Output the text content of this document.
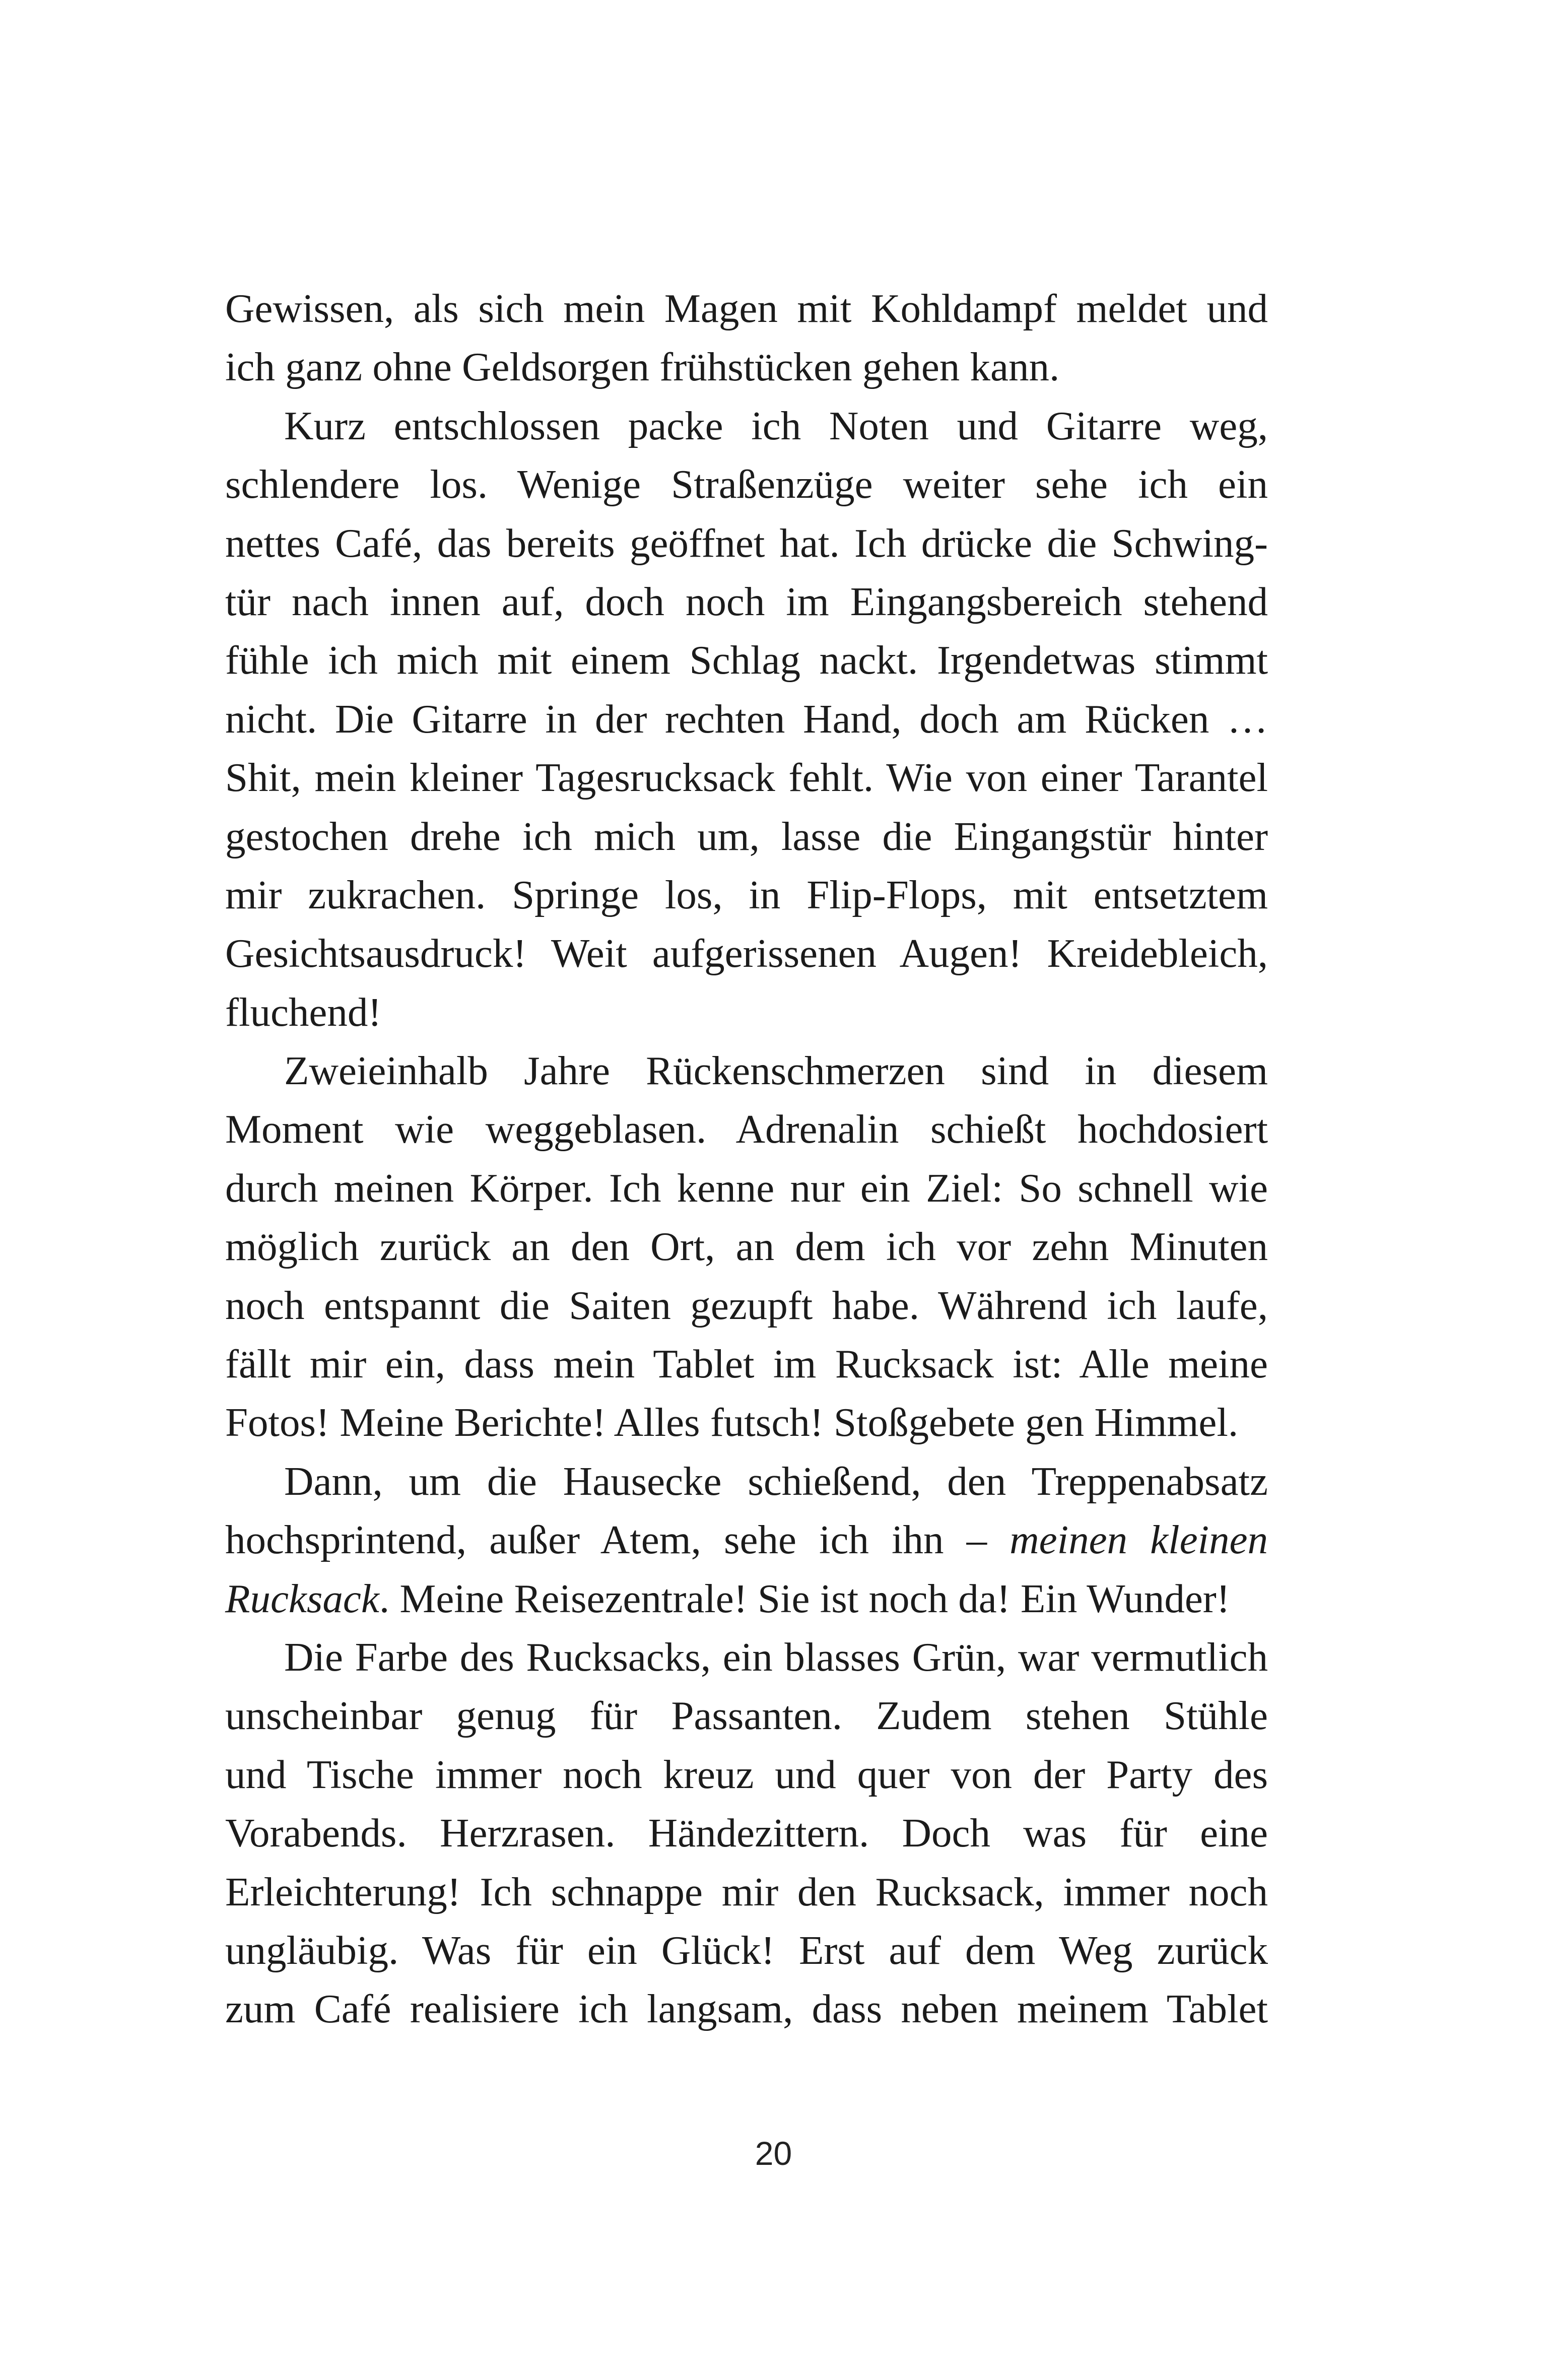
Gewissen, als sich mein Magen mit Kohldampf meldet und
ich ganz ohne Geldsorgen frühstücken gehen kann.
Kurz entschlossen packe ich Noten und Gitarre weg,
schlendere los. Wenige Straßenzüge weiter sehe ich ein
nettes Café, das bereits geöffnet hat. Ich drücke die Schwing-
tür nach innen auf, doch noch im Eingangsbereich stehend
fühle ich mich mit einem Schlag nackt. Irgendetwas stimmt
nicht. Die Gitarre in der rechten Hand, doch am Rücken …
Shit, mein kleiner Tagesrucksack fehlt. Wie von einer Tarantel
gestochen drehe ich mich um, lasse die Eingangstür hinter
mir zukrachen. Springe los, in Flip-Flops, mit entsetztem
Gesichtsausdruck! Weit aufgerissenen Augen! Kreidebleich,
fluchend!
Zweieinhalb Jahre Rückenschmerzen sind in diesem
Moment wie weggeblasen. Adrenalin schießt hochdosiert
durch meinen Körper. Ich kenne nur ein Ziel: So schnell wie
möglich zurück an den Ort, an dem ich vor zehn Minuten
noch entspannt die Saiten gezupft habe. Während ich laufe,
fällt mir ein, dass mein Tablet im Rucksack ist: Alle meine
Fotos! Meine Berichte! Alles futsch! Stoßgebete gen Himmel.
Dann, um die Hausecke schießend, den Treppenabsatz
hochsprintend, außer Atem, sehe ich ihn – meinen kleinen
Rucksack. Meine Reisezentrale! Sie ist noch da! Ein Wunder!
Die Farbe des Rucksacks, ein blasses Grün, war vermutlich
unscheinbar genug für Passanten. Zudem stehen Stühle
und Tische immer noch kreuz und quer von der Party des
Vorabends. Herzrasen. Händezittern. Doch was für eine
Erleichterung! Ich schnappe mir den Rucksack, immer noch
ungläubig. Was für ein Glück! Erst auf dem Weg zurück
zum Café realisiere ich langsam, dass neben meinem Tablet
20
